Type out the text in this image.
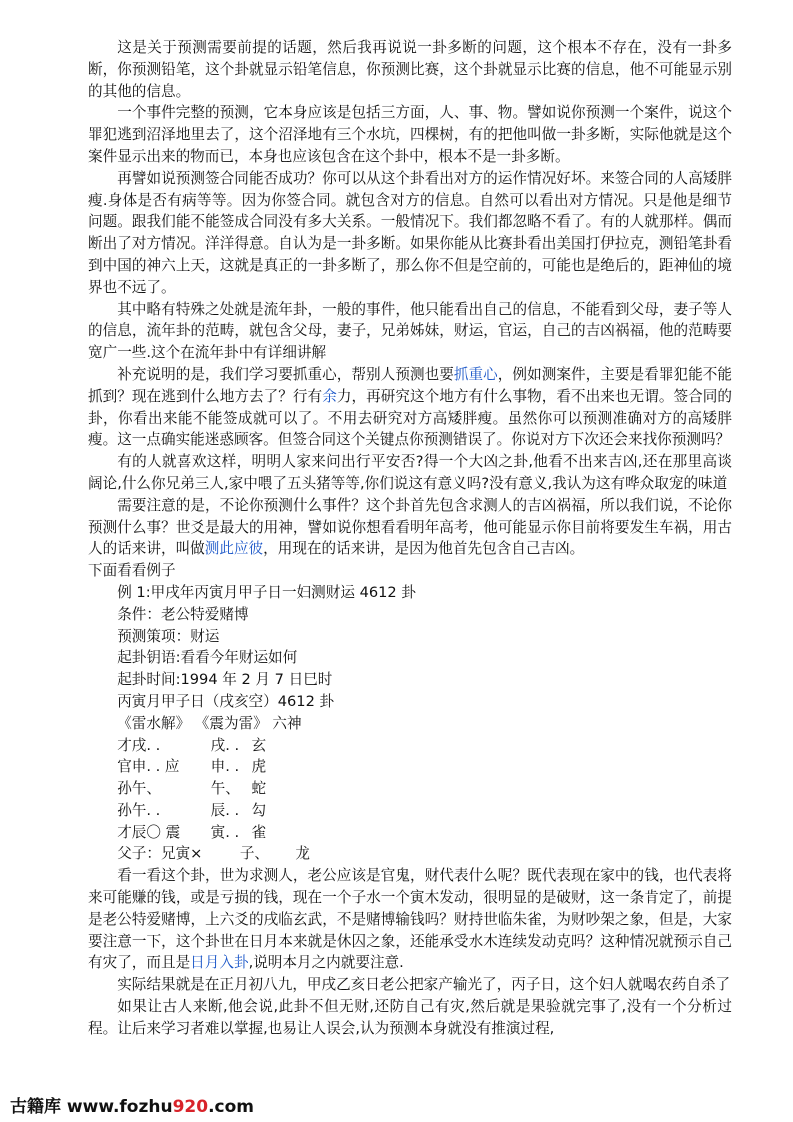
这是关于预测需要前提的话题，然后我再说说一卦多断的问题，这个根本不存在，没有一卦多断，你预测铅笔，这个卦就显示铅笔信息，你预测比赛，这个卦就显示比赛的信息，他不可能显示别的其他的信息。

一个事件完整的预测，它本身应该是包括三方面，人、事、物。譬如说你预测一个案件，说这个罪犯逃到沼泽地里去了，这个沼泽地有三个水坑，四棵树，有的把他叫做一卦多断，实际他就是这个案件显示出来的物而已，本身也应该包含在这个卦中，根本不是一卦多断。

再譬如说预测签合同能否成功？你可以从这个卦看出对方的运作情况好坏。来签合同的人高矮胖瘦.身体是否有病等等。因为你签合同。就包含对方的信息。自然可以看出对方情况。只是他是细节问题。跟我们能不能签成合同没有多大关系。一般情况下。我们都忽略不看了。有的人就那样。偶而断出了对方情况。洋洋得意。自认为是一卦多断。如果你能从比赛卦看出美国打伊拉克，测铅笔卦看到中国的神六上天，这就是真正的一卦多断了，那么你不但是空前的，可能也是绝后的，距神仙的境界也不远了。

其中略有特殊之处就是流年卦，一般的事件，他只能看出自己的信息，不能看到父母，妻子等人的信息，流年卦的范畴，就包含父母，妻子，兄弟姊妹，财运，官运，自己的吉凶祸福，他的范畴要宽广一些.这个在流年卦中有详细讲解

补充说明的是，我们学习要抓重心，帮别人预测也要抓重心，例如测案件，主要是看罪犯能不能抓到？现在逃到什么地方去了？行有余力，再研究这个地方有什么事物，看不出来也无谓。签合同的卦，你看出来能不能签成就可以了。不用去研究对方高矮胖瘦。虽然你可以预测准确对方的高矮胖瘦。这一点确实能迷惑顾客。但签合同这个关键点你预测错误了。你说对方下次还会来找你预测吗？

有的人就喜欢这样，明明人家来问出行平安否?得一个大凶之卦,他看不出来吉凶,还在那里高谈阔论,什么你兄弟三人,家中喂了五头猪等等,你们说这有意义吗?没有意义,我认为这有哗众取宠的味道

需要注意的是，不论你预测什么事件？这个卦首先包含求测人的吉凶祸福，所以我们说，不论你预测什么事？世爻是最大的用神，譬如说你想看看明年高考，他可能显示你目前将要发生车祸，用古人的话来讲，叫做测此应彼，用现在的话来讲，是因为他首先包含自己吉凶。

下面看看例子

例 1:甲戌年丙寅月甲子日一妇测财运 4612 卦

条件：老公特爱赌博

预测策项：财运

起卦钥语:看看今年财运如何

起卦时间:1994 年 2 月 7 日巳时

丙寅月甲子日（戌亥空）4612 卦

《雷水解》 《震为雷》 六神

才戌. .	戌. . 玄
官申. . 应 申. . 虎
孙午、	午、 蛇
孙午. .	辰. . 勾
才辰〇 震 寅. . 雀
父子：兄寅×	子、 龙

看一看这个卦，世为求测人，老公应该是官鬼，财代表什么呢？既代表现在家中的钱，也代表将来可能赚的钱，或是亏损的钱，现在一个子水一个寅木发动，很明显的是破财，这一条肯定了，前提是老公特爱赌博，上六爻的戌临玄武，不是赌博输钱吗？财持世临朱雀，为财吵架之象，但是，大家要注意一下，这个卦世在日月本来就是休囚之象，还能承受水木连续发动克吗？这种情况就预示自己有灾了，而且是日月入卦,说明本月之内就要注意.

实际结果就是在正月初八九，甲戌乙亥日老公把家产输光了，丙子日，这个妇人就喝农药自杀了

如果让古人来断,他会说,此卦不但无财,还防自己有灾,然后就是果验就完事了,没有一个分析过程。让后来学习者难以掌握,也易让人误会,认为预测本身就没有推演过程,

古籍库 www.fozhu920.com
